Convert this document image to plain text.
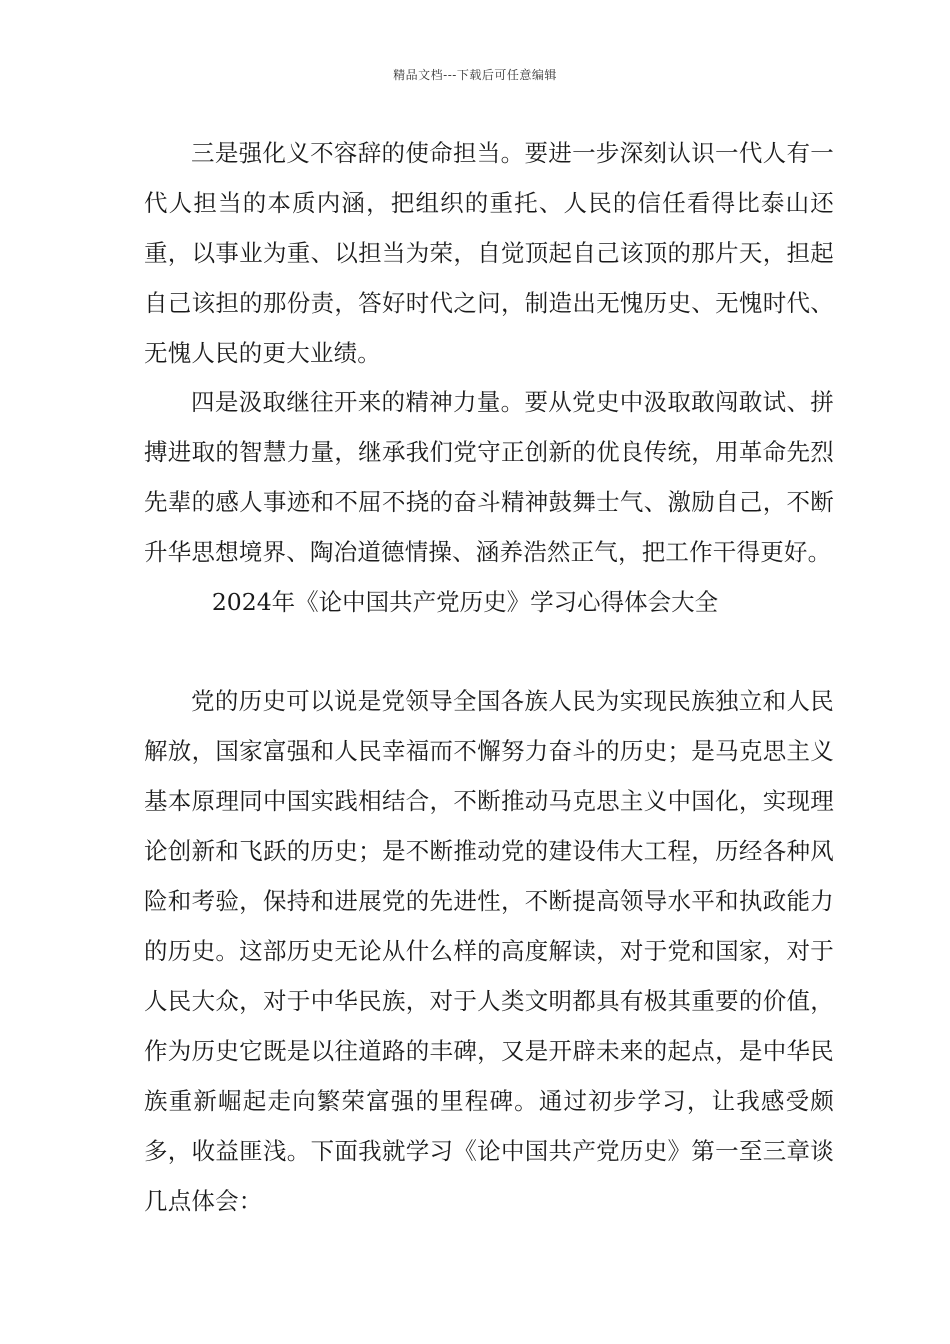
精品文档---下载后可任意编辑

三是强化义不容辞的使命担当。要进一步深刻认识一代人有一代人担当的本质内涵，把组织的重托、人民的信任看得比泰山还重，以事业为重、以担当为荣，自觉顶起自己该顶的那片天，担起自己该担的那份责，答好时代之问，制造出无愧历史、无愧时代、无愧人民的更大业绩。

四是汲取继往开来的精神力量。要从党史中汲取敢闯敢试、拼搏进取的智慧力量，继承我们党守正创新的优良传统，用革命先烈先辈的感人事迹和不屈不挠的奋斗精神鼓舞士气、激励自己，不断升华思想境界、陶冶道德情操、涵养浩然正气，把工作干得更好。

2024年《论中国共产党历史》学习心得体会大全

党的历史可以说是党领导全国各族人民为实现民族独立和人民解放，国家富强和人民幸福而不懈努力奋斗的历史；是马克思主义基本原理同中国实践相结合，不断推动马克思主义中国化，实现理论创新和飞跃的历史；是不断推动党的建设伟大工程，历经各种风险和考验，保持和进展党的先进性，不断提高领导水平和执政能力的历史。这部历史无论从什么样的高度解读，对于党和国家，对于人民大众，对于中华民族，对于人类文明都具有极其重要的价值，作为历史它既是以往道路的丰碑，又是开辟未来的起点，是中华民族重新崛起走向繁荣富强的里程碑。通过初步学习，让我感受颇多，收益匪浅。下面我就学习《论中国共产党历史》第一至三章谈几点体会：
